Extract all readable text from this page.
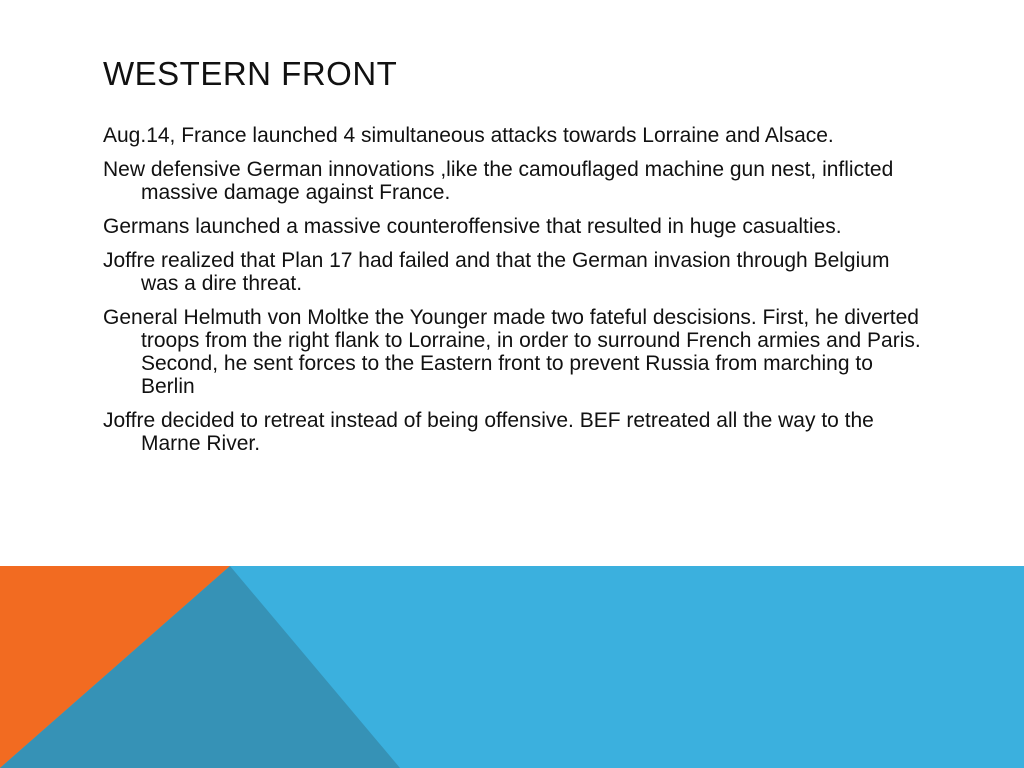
WESTERN FRONT
Aug.14, France launched 4 simultaneous attacks towards Lorraine and Alsace.
New defensive German innovations ,like the camouflaged machine gun nest, inflicted massive damage against France.
Germans launched a massive counteroffensive that resulted in huge casualties.
Joffre realized that Plan 17 had failed and that the German invasion through Belgium was a dire threat.
General Helmuth von Moltke the Younger made two fateful descisions. First, he diverted troops from the right flank to Lorraine, in order to surround French armies and Paris. Second, he sent forces to the Eastern front to prevent Russia from marching to Berlin
Joffre decided to retreat instead of being offensive. BEF retreated all the way to the Marne River.
